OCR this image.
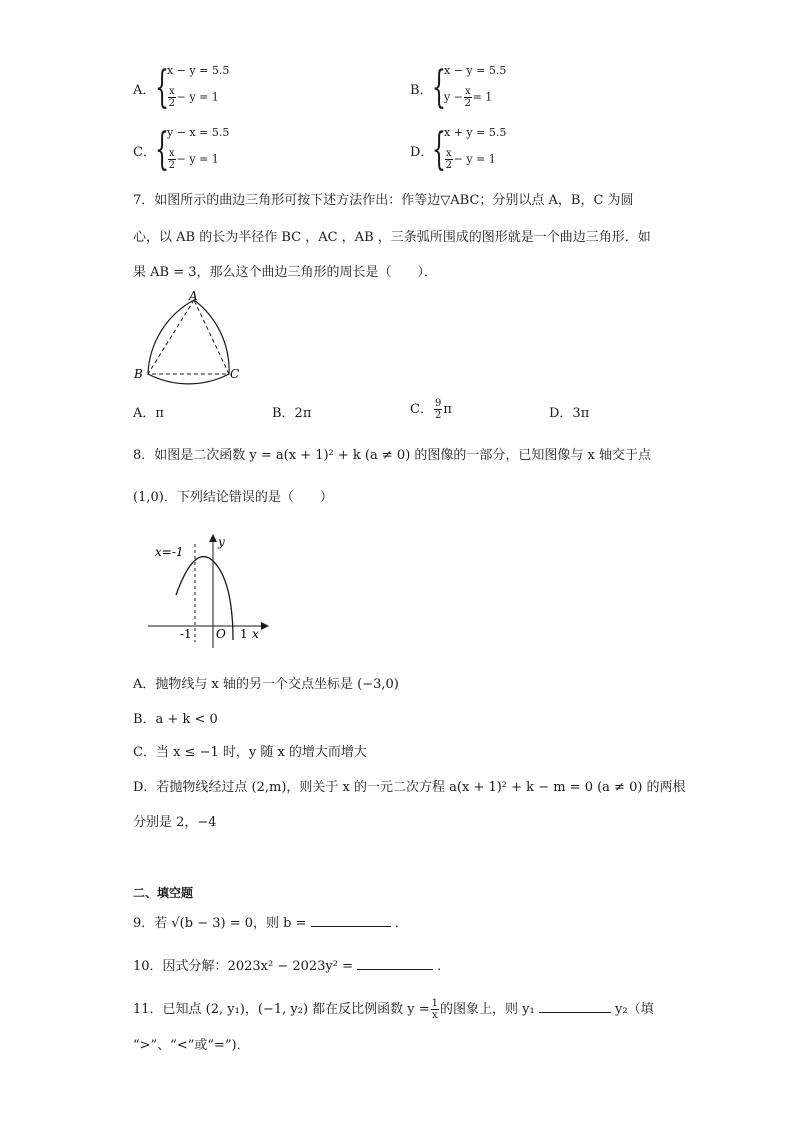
A． {
x − y = 5.5
$\frac{x}{2} - y = 1$	B． {
x − y = 5.5
$y - \frac{x}{2} = 1$
C． {
y − x = 5.5
$\frac{x}{2} - y = 1$	D．
{
x + y = 5.5
$\frac{x}{2} - y = 1$
7．如图所示的曲边三角形可按下述方法作出：作等边▽ABC；分别以点 A，B，C 为圆
心，以 AB 的长为半径作 BC ，AC ，AB ，三条弧所围成的图形就是一个曲边三角形．如
果 AB = 3，那么这个曲边三角形的周长是（　　）．
A
B	C
A．π	B．2π	C． $\frac{9}{2}$ π	D．3π
8．如图是二次函数 y = a(x + 1)² + k (a ≠ 0) 的图像的一部分，已知图像与 x 轴交于点
(1,0)．下列结论错误的是（　　）
x=-1
y
x
-1 O 1
A．抛物线与 x 轴的另一个交点坐标是 (−3,0)
B．a + k < 0
C．当 x ≤ −1 时，y 随 x 的增大而增大
D．若抛物线经过点 (2,m)，则关于 x 的一元二次方程 a(x + 1)² + k − m = 0 (a ≠ 0) 的两根
分别是 2，−4
二、填空题
9．若 √(b − 3) = 0，则 b =	．
10．因式分解：2023x² − 2023y² =	．
11．已知点 (2, y₁)，(−1, y₂) 都在反比例函数 $y = \frac{1}{x}$ 的图象上，则 y₁	y₂（填
“>”、“<”或“=”)．
